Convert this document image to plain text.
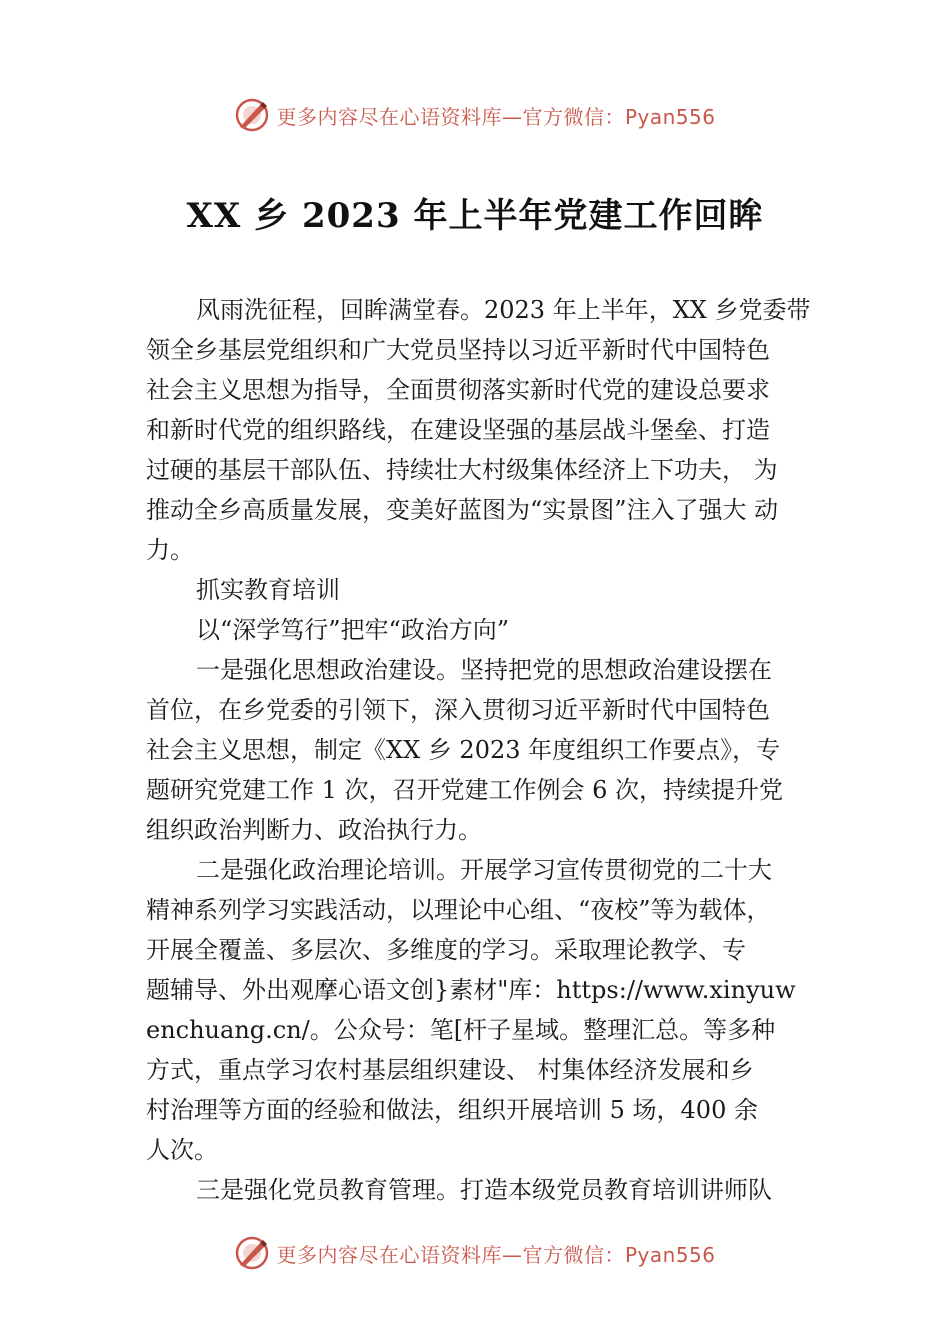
更多内容尽在心语资料库—官方微信：Pyan556
XX 乡 2023 年上半年党建工作回眸
风雨洗征程，回眸满堂春。2023 年上半年，XX 乡党委带
领全乡基层党组织和广大党员坚持以习近平新时代中国特色
社会主义思想为指导，全面贯彻落实新时代党的建设总要求
和新时代党的组织路线，在建设坚强的基层战斗堡垒、打造
过硬的基层干部队伍、持续壮大村级集体经济上下功夫， 为
推动全乡高质量发展，变美好蓝图为“实景图”注入了强大 动
力。
抓实教育培训
以“深学笃行”把牢“政治方向”
一是强化思想政治建设。坚持把党的思想政治建设摆在
首位，在乡党委的引领下，深入贯彻习近平新时代中国特色
社会主义思想，制定《XX 乡 2023 年度组织工作要点》，专
题研究党建工作 1 次，召开党建工作例会 6 次，持续提升党
组织政治判断力、政治执行力。
二是强化政治理论培训。开展学习宣传贯彻党的二十大
精神系列学习实践活动，以理论中心组、“夜校”等为载体，
开展全覆盖、多层次、多维度的学习。采取理论教学、专
题辅导、外出观摩心语文创}素材"库：https://www.xinyuw
enchuang.cn/。公众号：笔[杆子星域。整理汇总。等多种
方式，重点学习农村基层组织建设、 村集体经济发展和乡
村治理等方面的经验和做法，组织开展培训 5 场，400 余
人次。
三是强化党员教育管理。打造本级党员教育培训讲师队
更多内容尽在心语资料库—官方微信：Pyan556
